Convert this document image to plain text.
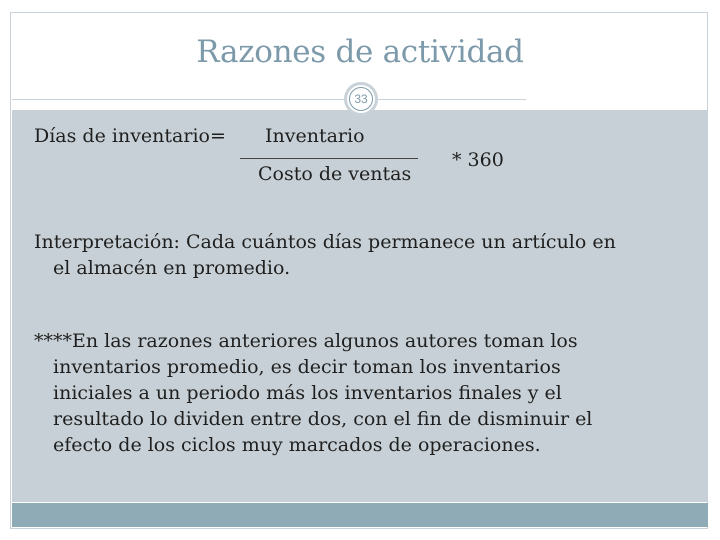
Razones de actividad
33
Días de inventario= Inventario
Costo de ventas
* 360
Interpretación: Cada cuántos días permanece un artículo en
el almacén en promedio.
****En las razones anteriores algunos autores toman los
inventarios promedio, es decir toman los inventarios
iniciales a un periodo más los inventarios finales y el
resultado lo dividen entre dos, con el fin de disminuir el
efecto de los ciclos muy marcados de operaciones.
